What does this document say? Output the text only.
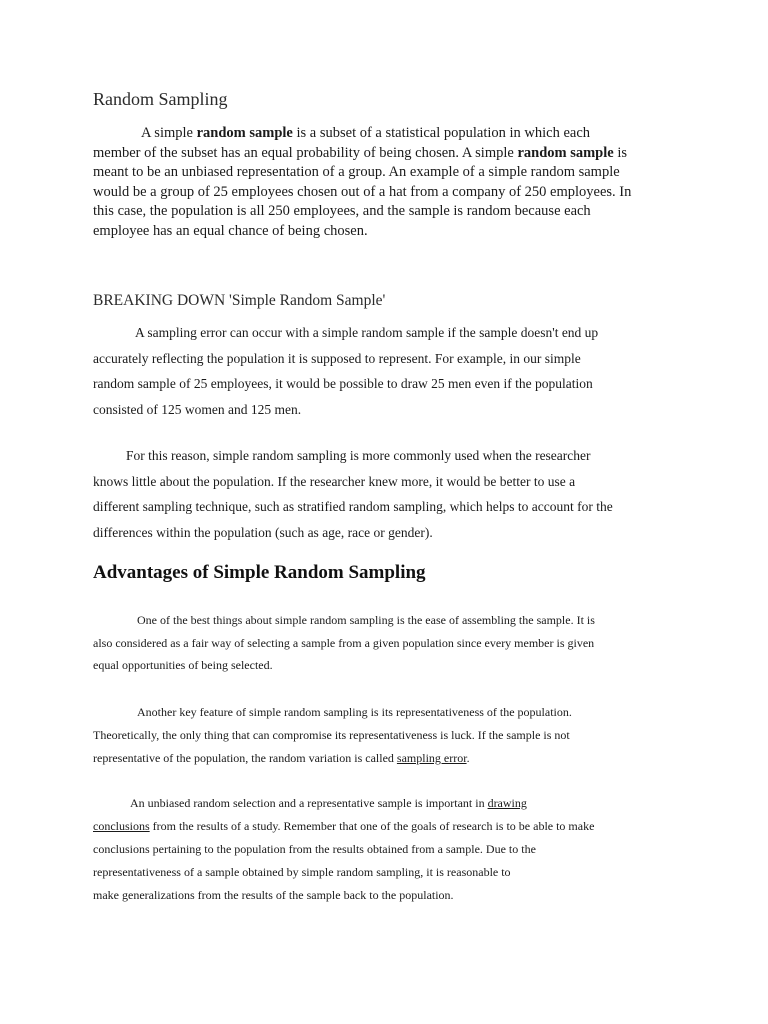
Random Sampling

A simple random sample is a subset of a statistical population in which each
member of the subset has an equal probability of being chosen. A simple random sample is
meant to be an unbiased representation of a group. An example of a simple random sample
would be a group of 25 employees chosen out of a hat from a company of 250 employees. In
this case, the population is all 250 employees, and the sample is random because each
employee has an equal chance of being chosen.

BREAKING DOWN 'Simple Random Sample'

A sampling error can occur with a simple random sample if the sample doesn't end up
accurately reflecting the population it is supposed to represent. For example, in our simple
random sample of 25 employees, it would be possible to draw 25 men even if the population
consisted of 125 women and 125 men.

For this reason, simple random sampling is more commonly used when the researcher
knows little about the population. If the researcher knew more, it would be better to use a
different sampling technique, such as stratified random sampling, which helps to account for the
differences within the population (such as age, race or gender).

Advantages of Simple Random Sampling

One of the best things about simple random sampling is the ease of assembling the sample. It is
also considered as a fair way of selecting a sample from a given population since every member is given
equal opportunities of being selected.

Another key feature of simple random sampling is its representativeness of the population.
Theoretically, the only thing that can compromise its representativeness is luck. If the sample is not
representative of the population, the random variation is called sampling error.

An unbiased random selection and a representative sample is important in drawing
conclusions from the results of a study. Remember that one of the goals of research is to be able to make
conclusions pertaining to the population from the results obtained from a sample. Due to the
representativeness of a sample obtained by simple random sampling, it is reasonable to
make generalizations from the results of the sample back to the population.
